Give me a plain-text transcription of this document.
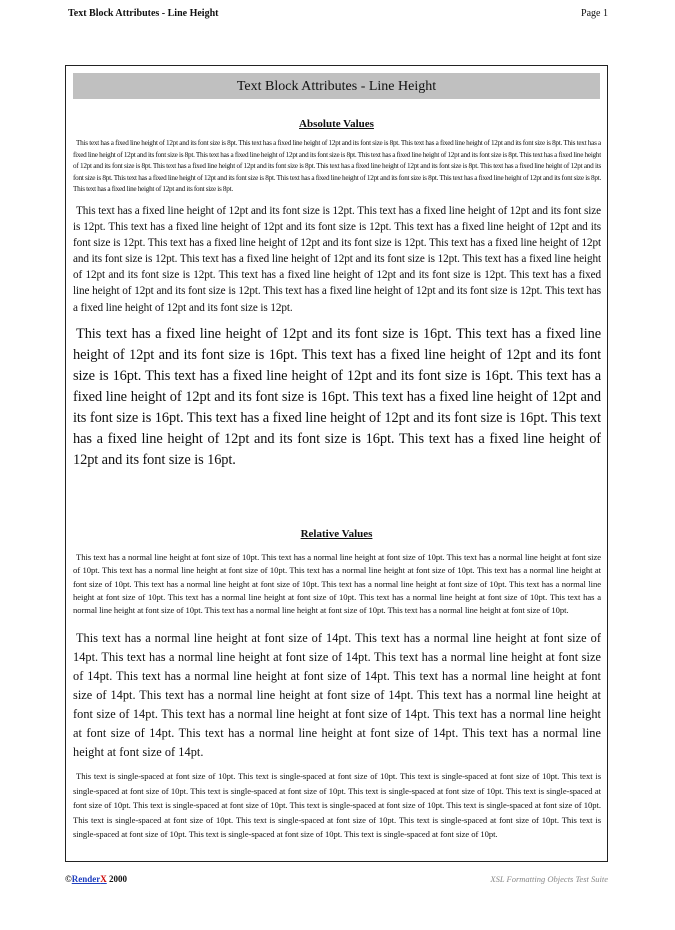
Text Block Attributes - Line Height	Page 1
Text Block Attributes - Line Height
Absolute Values
This text has a fixed line height of 12pt and its font size is 8pt. This text has a fixed line height of 12pt and its font size is 8pt. This text has a fixed line height of 12pt and its font size is 8pt. This text has a fixed line height of 12pt and its font size is 8pt. This text has a fixed line height of 12pt and its font size is 8pt. This text has a fixed line height of 12pt and its font size is 8pt. This text has a fixed line height of 12pt and its font size is 8pt. This text has a fixed line height of 12pt and its font size is 8pt. This text has a fixed line height of 12pt and its font size is 8pt. This text has a fixed line height of 12pt and its font size is 8pt. This text has a fixed line height of 12pt and its font size is 8pt. This text has a fixed line height of 12pt and its font size is 8pt. This text has a fixed line height of 12pt and its font size is 8pt. This text has a fixed line height of 12pt and its font size is 8pt.
This text has a fixed line height of 12pt and its font size is 12pt. This text has a fixed line height of 12pt and its font size is 12pt. This text has a fixed line height of 12pt and its font size is 12pt. This text has a fixed line height of 12pt and its font size is 12pt. This text has a fixed line height of 12pt and its font size is 12pt. This text has a fixed line height of 12pt and its font size is 12pt. This text has a fixed line height of 12pt and its font size is 12pt. This text has a fixed line height of 12pt and its font size is 12pt. This text has a fixed line height of 12pt and its font size is 12pt. This text has a fixed line height of 12pt and its font size is 12pt. This text has a fixed line height of 12pt and its font size is 12pt. This text has a fixed line height of 12pt and its font size is 12pt.
This text has a fixed line height of 12pt and its font size is 16pt. This text has a fixed line height of 12pt and its font size is 16pt. This text has a fixed line height of 12pt and its font size is 16pt. This text has a fixed line height of 12pt and its font size is 16pt. This text has a fixed line height of 12pt and its font size is 16pt. This text has a fixed line height of 12pt and its font size is 16pt. This text has a fixed line height of 12pt and its font size is 16pt. This text has a fixed line height of 12pt and its font size is 16pt. This text has a fixed line height of 12pt and its font size is 16pt.
Relative Values
This text has a normal line height at font size of 10pt. This text has a normal line height at font size of 10pt. This text has a normal line height at font size of 10pt. This text has a normal line height at font size of 10pt. This text has a normal line height at font size of 10pt. This text has a normal line height at font size of 10pt. This text has a normal line height at font size of 10pt. This text has a normal line height at font size of 10pt. This text has a normal line height at font size of 10pt. This text has a normal line height at font size of 10pt. This text has a normal line height at font size of 10pt. This text has a normal line height at font size of 10pt. This text has a normal line height at font size of 10pt. This text has a normal line height at font size of 10pt.
This text has a normal line height at font size of 14pt. This text has a normal line height at font size of 14pt. This text has a normal line height at font size of 14pt. This text has a normal line height at font size of 14pt. This text has a normal line height at font size of 14pt. This text has a normal line height at font size of 14pt. This text has a normal line height at font size of 14pt. This text has a normal line height at font size of 14pt. This text has a normal line height at font size of 14pt. This text has a normal line height at font size of 14pt. This text has a normal line height at font size of 14pt. This text has a normal line height at font size of 14pt.
This text is single-spaced at font size of 10pt. This text is single-spaced at font size of 10pt. This text is single-spaced at font size of 10pt. This text is single-spaced at font size of 10pt. This text is single-spaced at font size of 10pt. This text is single-spaced at font size of 10pt. This text is single-spaced at font size of 10pt. This text is single-spaced at font size of 10pt. This text is single-spaced at font size of 10pt. This text is single-spaced at font size of 10pt. This text is single-spaced at font size of 10pt. This text is single-spaced at font size of 10pt. This text is single-spaced at font size of 10pt. This text is single-spaced at font size of 10pt. This text is single-spaced at font size of 10pt. This text is single-spaced at font size of 10pt.
©RenderX 2000	XSL Formatting Objects Test Suite
